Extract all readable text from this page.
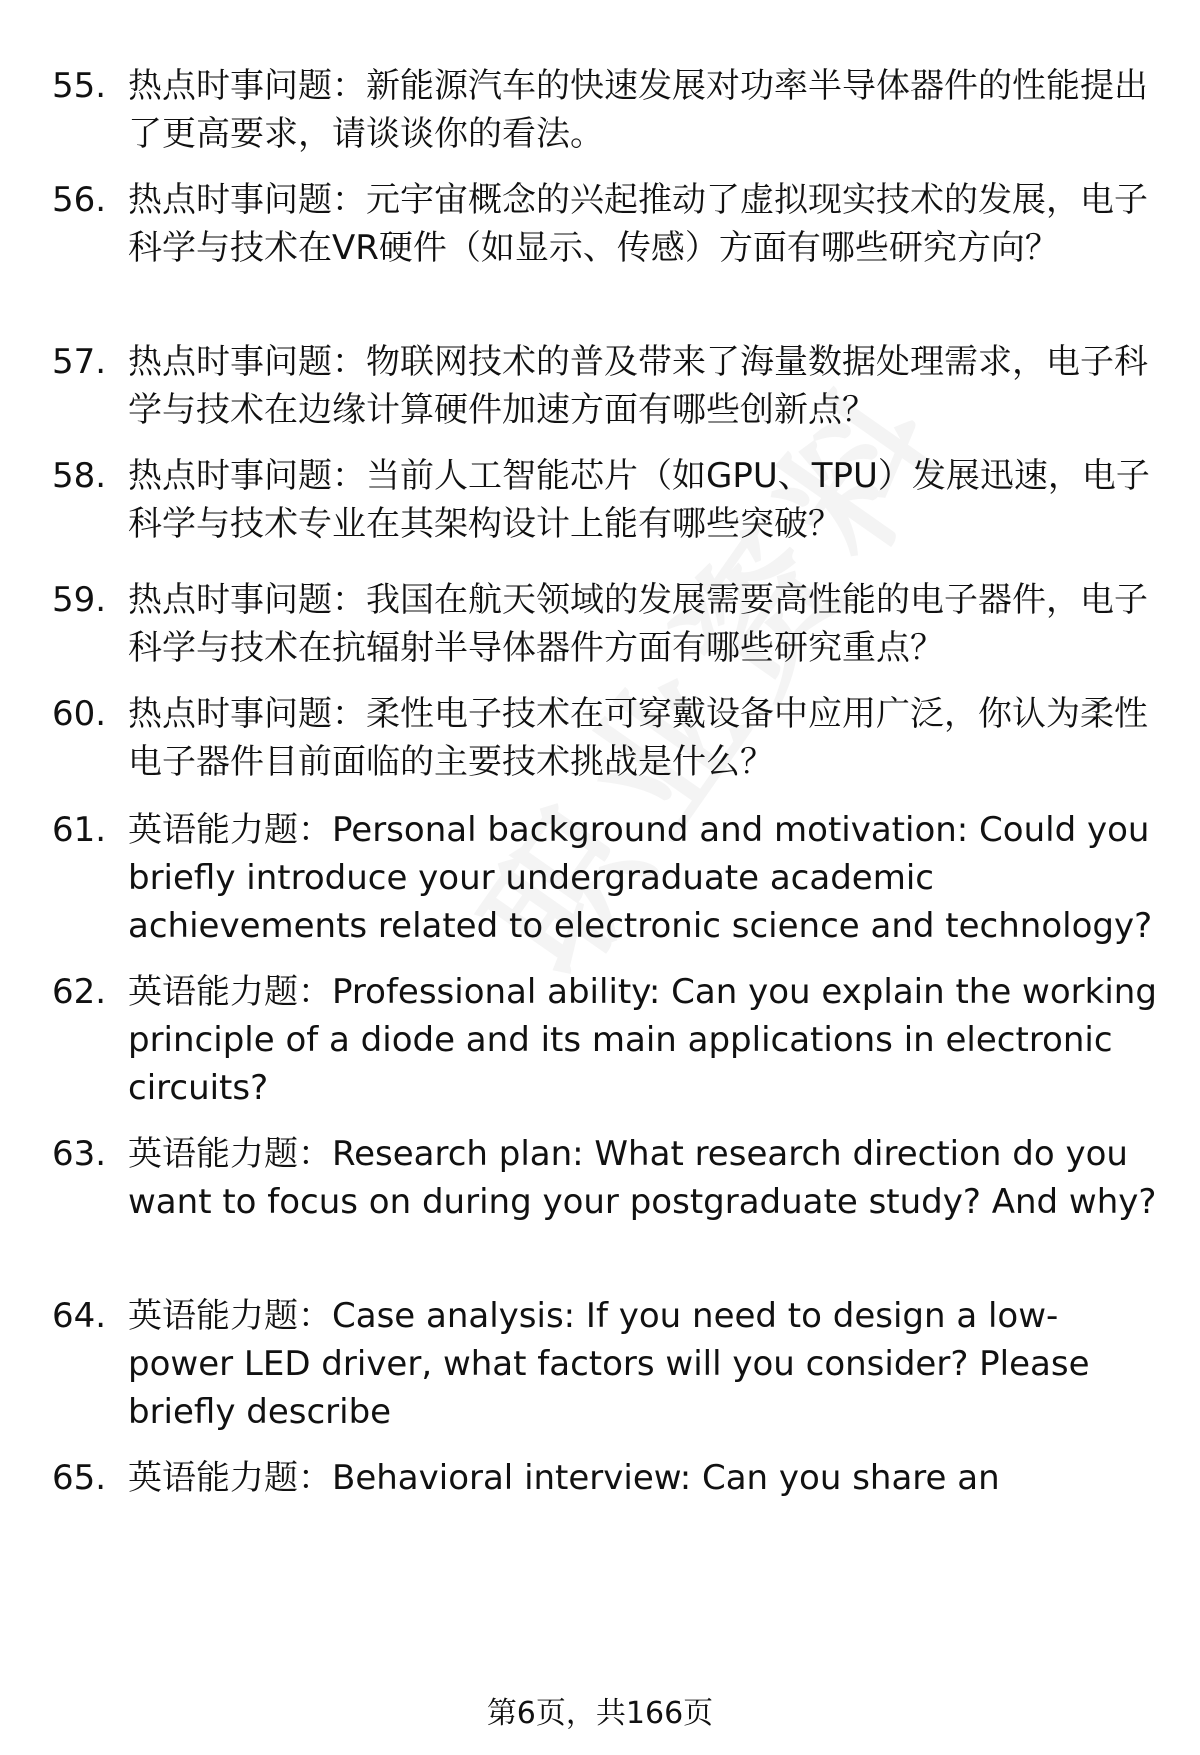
55. 热点时事问题：新能源汽车的快速发展对功率半导体器件的性能提出了更高要求，请谈谈你的看法。
56. 热点时事问题：元宇宙概念的兴起推动了虚拟现实技术的发展，电子科学与技术在VR硬件（如显示、传感）方面有哪些研究方向？
57. 热点时事问题：物联网技术的普及带来了海量数据处理需求，电子科学与技术在边缘计算硬件加速方面有哪些创新点？
58. 热点时事问题：当前人工智能芯片（如GPU、TPU）发展迅速，电子科学与技术专业在其架构设计上能有哪些突破？
59. 热点时事问题：我国在航天领域的发展需要高性能的电子器件，电子科学与技术在抗辐射半导体器件方面有哪些研究重点？
60. 热点时事问题：柔性电子技术在可穿戴设备中应用广泛，你认为柔性电子器件目前面临的主要技术挑战是什么？
61. 英语能力题：Personal background and motivation: Could you briefly introduce your undergraduate academic achievements related to electronic science and technology?
62. 英语能力题：Professional ability: Can you explain the working principle of a diode and its main applications in electronic circuits?
63. 英语能力题：Research plan: What research direction do you want to focus on during your postgraduate study? And why?
64. 英语能力题：Case analysis: If you need to design a low-power LED driver, what factors will you consider? Please briefly describe
65. 英语能力题：Behavioral interview: Can you share an
第6页，共166页
